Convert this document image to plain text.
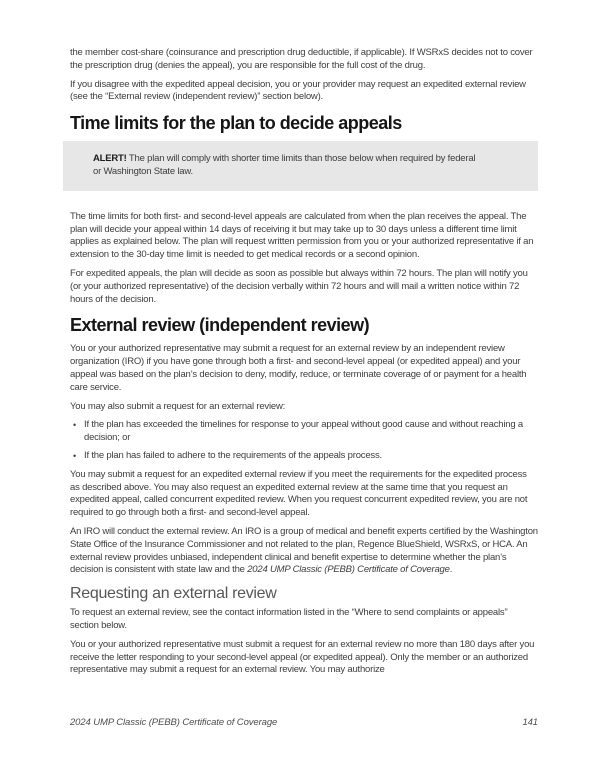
the member cost-share (coinsurance and prescription drug deductible, if applicable). If WSRxS decides not to cover the prescription drug (denies the appeal), you are responsible for the full cost of the drug.

If you disagree with the expedited appeal decision, you or your provider may request an expedited external review (see the “External review (independent review)” section below).

Time limits for the plan to decide appeals

ALERT! The plan will comply with shorter time limits than those below when required by federal or Washington State law.

The time limits for both first- and second-level appeals are calculated from when the plan receives the appeal. The plan will decide your appeal within 14 days of receiving it but may take up to 30 days unless a different time limit applies as explained below. The plan will request written permission from you or your authorized representative if an extension to the 30-day time limit is needed to get medical records or a second opinion.

For expedited appeals, the plan will decide as soon as possible but always within 72 hours. The plan will notify you (or your authorized representative) of the decision verbally within 72 hours and will mail a written notice within 72 hours of the decision.

External review (independent review)

You or your authorized representative may submit a request for an external review by an independent review organization (IRO) if you have gone through both a first- and second-level appeal (or expedited appeal) and your appeal was based on the plan’s decision to deny, modify, reduce, or terminate coverage of or payment for a health care service.

You may also submit a request for an external review:

• If the plan has exceeded the timelines for response to your appeal without good cause and without reaching a decision; or
• If the plan has failed to adhere to the requirements of the appeals process.

You may submit a request for an expedited external review if you meet the requirements for the expedited process as described above. You may also request an expedited external review at the same time that you request an expedited appeal, called concurrent expedited review. When you request concurrent expedited review, you are not required to go through both a first- and second-level appeal.

An IRO will conduct the external review. An IRO is a group of medical and benefit experts certified by the Washington State Office of the Insurance Commissioner and not related to the plan, Regence BlueShield, WSRxS, or HCA. An external review provides unbiased, independent clinical and benefit expertise to determine whether the plan’s decision is consistent with state law and the 2024 UMP Classic (PEBB) Certificate of Coverage.

Requesting an external review

To request an external review, see the contact information listed in the “Where to send complaints or appeals” section below.

You or your authorized representative must submit a request for an external review no more than 180 days after you receive the letter responding to your second-level appeal (or expedited appeal). Only the member or an authorized representative may submit a request for an external review. You may authorize

2024 UMP Classic (PEBB) Certificate of Coverage	141
